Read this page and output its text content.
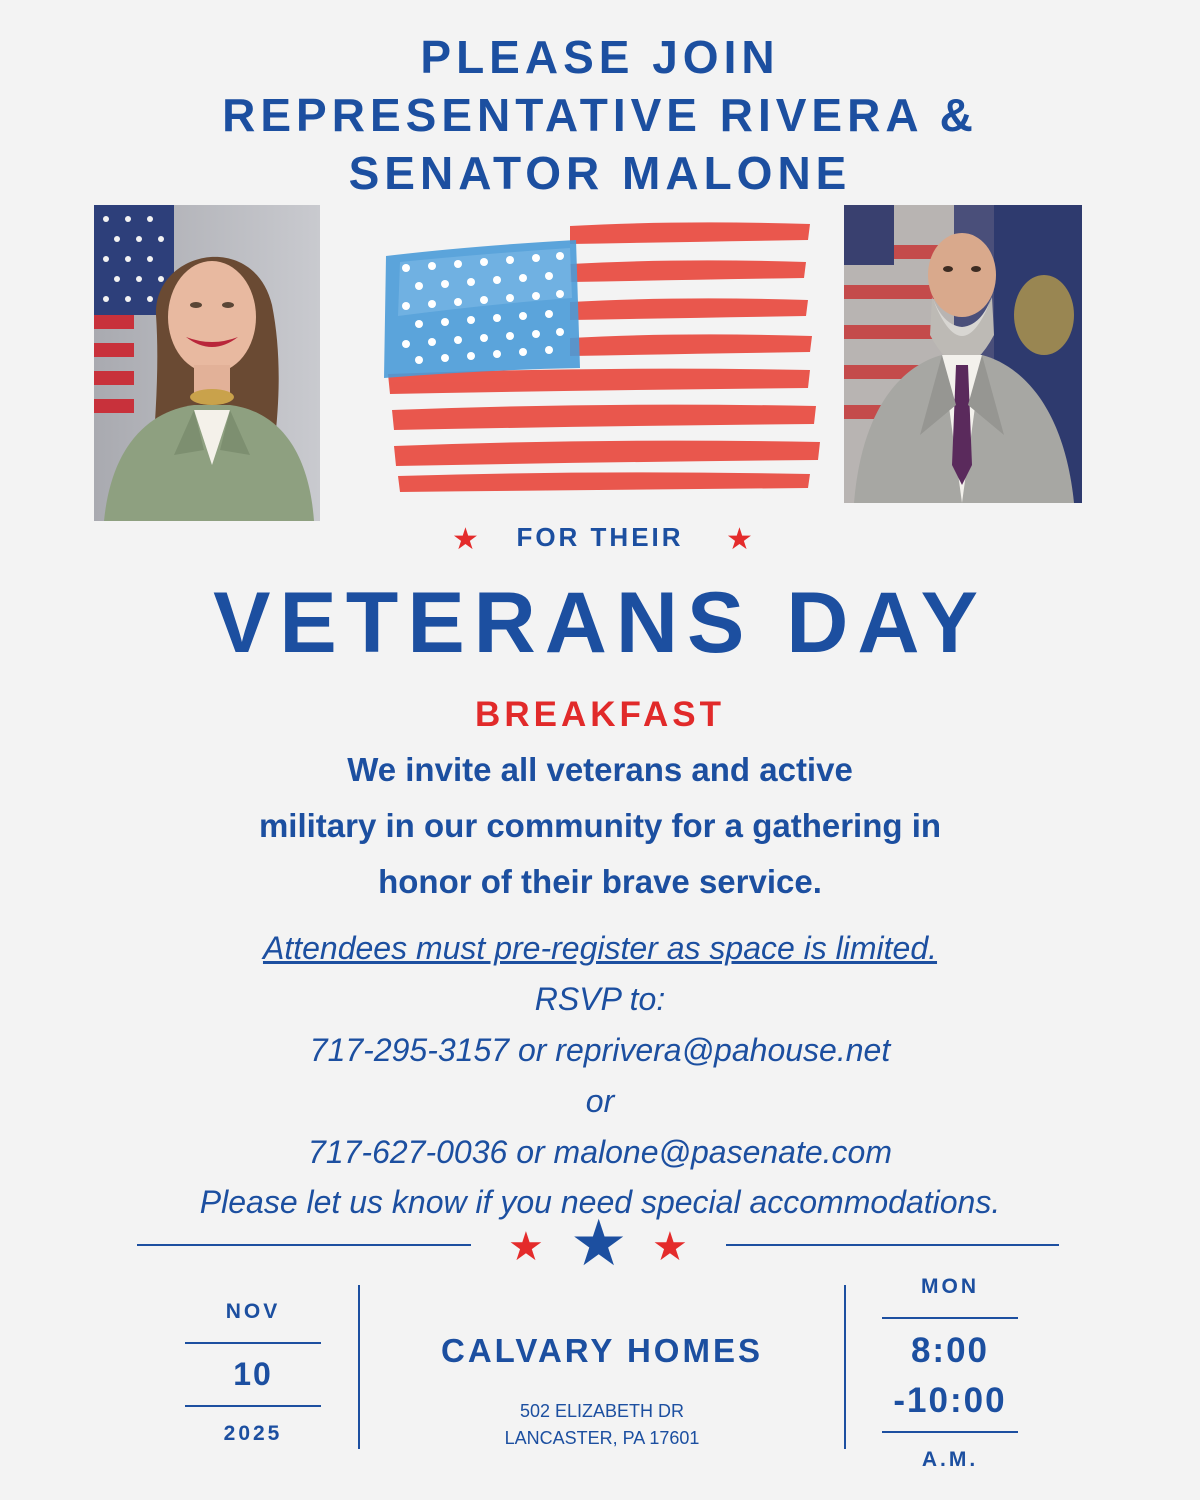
PLEASE JOIN
REPRESENTATIVE RIVERA &
SENATOR MALONE
★	FOR THEIR	★
VETERANS DAY
BREAKFAST
We invite all veterans and active
military in our community for a gathering in
honor of their brave service.
Attendees must pre-register as space is limited.
RSVP to:
717-295-3157 or reprivera@pahouse.net
or
717-627-0036 or malone@pasenate.com
Please let us know if you need special accommodations.
★ ★ ★
NOV
10
2025
CALVARY HOMES
502 ELIZABETH DR
LANCASTER, PA 17601
MON
8:00
-10:00
A.M.
